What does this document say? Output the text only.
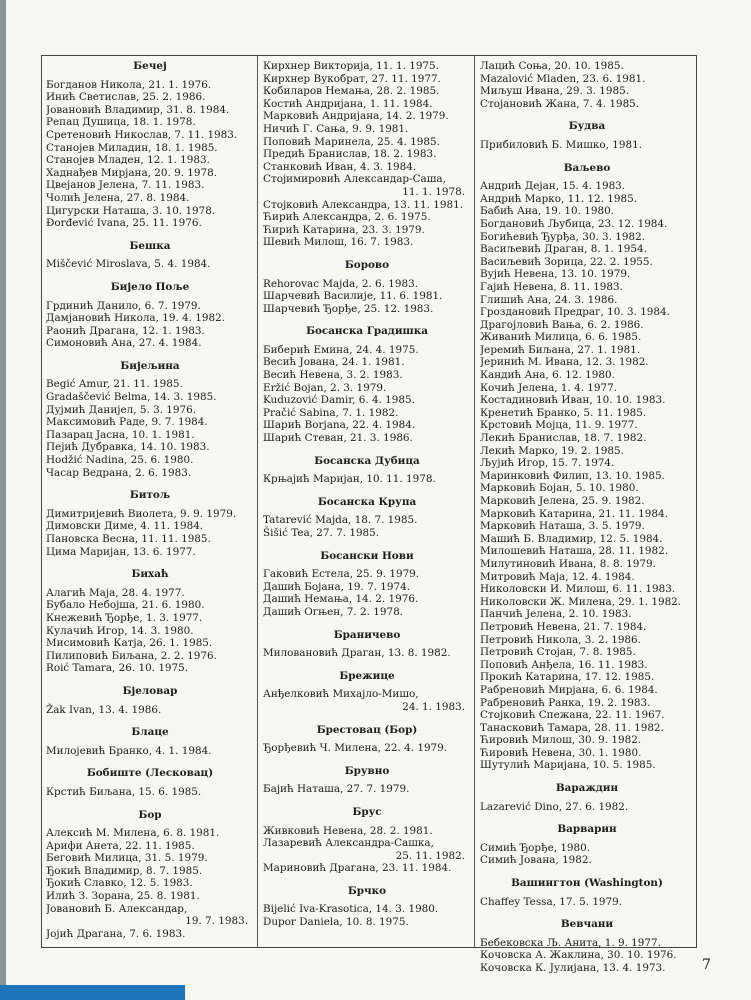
Бечеј
Богданов Никола, 21. 1. 1976.
Инић Светислав, 25. 2. 1986.
Јовановић Владимир, 31. 8. 1984.
Репац Душица, 18. 1. 1978.
Сретеновић Никослав, 7. 11. 1983.
Станојев Миладин, 18. 1. 1985.
Станојев Младен, 12. 1. 1983.
Хаднађев Мирјана, 20. 9. 1978.
Цвејанов Јелена, 7. 11. 1983.
Чолић Јелена, 27. 8. 1984.
Цигурски Наташа, 3. 10. 1978.
Đorđević Ivana, 25. 11. 1976.
Бешка
Miščević Miroslava, 5. 4. 1984.
Бијело Поље
Грдинић Данило, 6. 7. 1979.
Дамјановић Никола, 19. 4. 1982.
Раонић Драгана, 12. 1. 1983.
Симоновић Ана, 27. 4. 1984.
Бијељина
Begić Amur, 21. 11. 1985.
Gradaščević Belma, 14. 3. 1985.
Дујмић Данијел, 5. 3. 1976.
Максимовић Раде, 9. 7. 1984.
Пазарац Јасна, 10. 1. 1981.
Пејић Дубравка, 14. 10. 1983.
Hodžić Nadina, 25. 6. 1980.
Часар Ведрана, 2. 6. 1983.
Битољ
Димитријевић Виолета, 9. 9. 1979.
Димовски Диме, 4. 11. 1984.
Пановска Весна, 11. 11. 1985.
Цима Маријан, 13. 6. 1977.
Бихаћ
Алагић Маја, 28. 4. 1977.
Бубало Небојша, 21. 6. 1980.
Кнежевић Ђорђе, 1. 3. 1977.
Кулачић Игор, 14. 3. 1980.
Мисимовић Катја, 26. 1. 1985.
Пилиповић Биљана, 2. 2. 1976.
Roić Tamara, 26. 10. 1975.
Бјеловар
Žak Ivan, 13. 4. 1986.
Блаце
Милојевић Бранко, 4. 1. 1984.
Бобиште (Лесковац)
Крстић Биљана, 15. 6. 1985.
Бор
Алексић М. Милена, 6. 8. 1981.
Арифи Анета, 22. 11. 1985.
Беговић Милица, 31. 5. 1979.
Ђокић Владимир, 8. 7. 1985.
Ђокић Славко, 12. 5. 1983.
Илић З. Зорана, 25. 8. 1981.
Јовановић Б. Александар,
19. 7. 1983.
Јојић Драгана, 7. 6. 1983.
Кирхнер Викторија, 11. 1. 1975.
Кирхнер Вукобрат, 27. 11. 1977.
Кобиларов Немања, 28. 2. 1985.
Костић Андријана, 1. 11. 1984.
Марковић Андријана, 14. 2. 1979.
Ничић Г. Сања, 9. 9. 1981.
Поповић Маринела, 25. 4. 1985.
Предић Бранислав, 18. 2. 1983.
Станковић Иван, 4. 3. 1984.
Стојимировић Александар-Саша,
11. 1. 1978.
Стојковић Александра, 13. 11. 1981.
Ћирић Александра, 2. 6. 1975.
Ћирић Катарина, 23. 3. 1979.
Шевић Милош, 16. 7. 1983.
Борово
Rehorovac Majda, 2. 6. 1983.
Шарчевић Василије, 11. 6. 1981.
Шарчевић Ђорђе, 25. 12. 1983.
Босанска Градишка
Биберић Емина, 24. 4. 1975.
Весић Јована, 24. 1. 1981.
Весић Невена, 3. 2. 1983.
Eržić Bojan, 2. 3. 1979.
Kuduzović Damir, 6. 4. 1985.
Pračić Sabina, 7. 1. 1982.
Шарић Borjana, 22. 4. 1984.
Шарић Стеван, 21. 3. 1986.
Босанска Дубица
Крњајић Маријан, 10. 11. 1978.
Босанска Крупа
Tatarević Majda, 18. 7. 1985.
Šišić Tea, 27. 7. 1985.
Босански Нови
Гаковић Естела, 25. 9. 1979.
Дашић Бојана, 19. 7. 1974.
Дашић Немања, 14. 2. 1976.
Дашић Огњен, 7. 2. 1978.
Браничево
Миловановић Драган, 13. 8. 1982.
Брежице
Анђелковић Михајло-Мишо,
24. 1. 1983.
Брестовац (Бор)
Ђорђевић Ч. Милена, 22. 4. 1979.
Брувно
Бајић Наташа, 27. 7. 1979.
Брус
Живковић Невена, 28. 2. 1981.
Лазаревић Александра-Сашка,
25. 11. 1982.
Мариновић Драгана, 23. 11. 1984.
Брчко
Bijelić Iva-Krasotica, 14. 3. 1980.
Dupor Daniela, 10. 8. 1975.
Лацић Соња, 20. 10. 1985.
Mazalović Mladen, 23. 6. 1981.
Миљуш Ивана, 29. 3. 1985.
Стојановић Жана, 7. 4. 1985.
Будва
Прибиловић Б. Мишко, 1981.
Ваљево
Андрић Дејан, 15. 4. 1983.
Андрић Марко, 11. 12. 1985.
Бабић Ана, 19. 10. 1980.
Богдановић Љубица, 23. 12. 1984.
Богићевић Ђурђа, 30. 3. 1982.
Васиљевић Драган, 8. 1. 1954.
Васиљевић Зорица, 22. 2. 1955.
Вујић Невена, 13. 10. 1979.
Гајић Невена, 8. 11. 1983.
Глишић Ана, 24. 3. 1986.
Гроздановић Предраг, 10. 3. 1984.
Драгојловић Вања, 6. 2. 1986.
Живанић Милица, 6. 6. 1985.
Јеремић Биљана, 27. 1. 1981.
Јеринић М. Ивана, 12. 3. 1982.
Кандић Ана, 6. 12. 1980.
Кочић Јелена, 1. 4. 1977.
Костадиновић Иван, 10. 10. 1983.
Кренетић Бранко, 5. 11. 1985.
Крстовић Мојца, 11. 9. 1977.
Лекић Бранислав, 18. 7. 1982.
Лекић Марко, 19. 2. 1985.
Љујић Игор, 15. 7. 1974.
Маринковић Филип, 13. 10. 1985.
Марковић Бојан, 5. 10. 1980.
Марковић Јелена, 25. 9. 1982.
Марковић Катарина, 21. 11. 1984.
Марковић Наташа, 3. 5. 1979.
Машић Б. Владимир, 12. 5. 1984.
Милошевић Наташа, 28. 11. 1982.
Милутиновић Ивана, 8. 8. 1979.
Митровић Маја, 12. 4. 1984.
Николовски И. Милош, 6. 11. 1983.
Николовски Ж. Милена, 29. 1. 1982.
Панчић Јелена, 2. 10. 1983.
Петровић Невена, 21. 7. 1984.
Петровић Никола, 3. 2. 1986.
Петровић Стојан, 7. 8. 1985.
Поповић Анђела, 16. 11. 1983.
Прокић Катарина, 17. 12. 1985.
Рабреновић Мирјана, 6. 6. 1984.
Рабреновић Ранка, 19. 2. 1983.
Стојковић Спежана, 22. 11. 1967.
Танасковић Тамара, 28. 11. 1982.
Ћировић Милош, 30. 9. 1982.
Ћировић Невена, 30. 1. 1980.
Шутулић Маријана, 10. 5. 1985.
Вараждин
Lazarević Dino, 27. 6. 1982.
Варварин
Симић Ђорђе, 1980.
Симић Јована, 1982.
Вашингтон (Washington)
Chaffey Tessa, 17. 5. 1979.
Вевчани
Бебековска Љ. Анита, 1. 9. 1977.
Кочовска А. Жаклина, 30. 10. 1976.
Кочовска К. Јулијана, 13. 4. 1973.	7
